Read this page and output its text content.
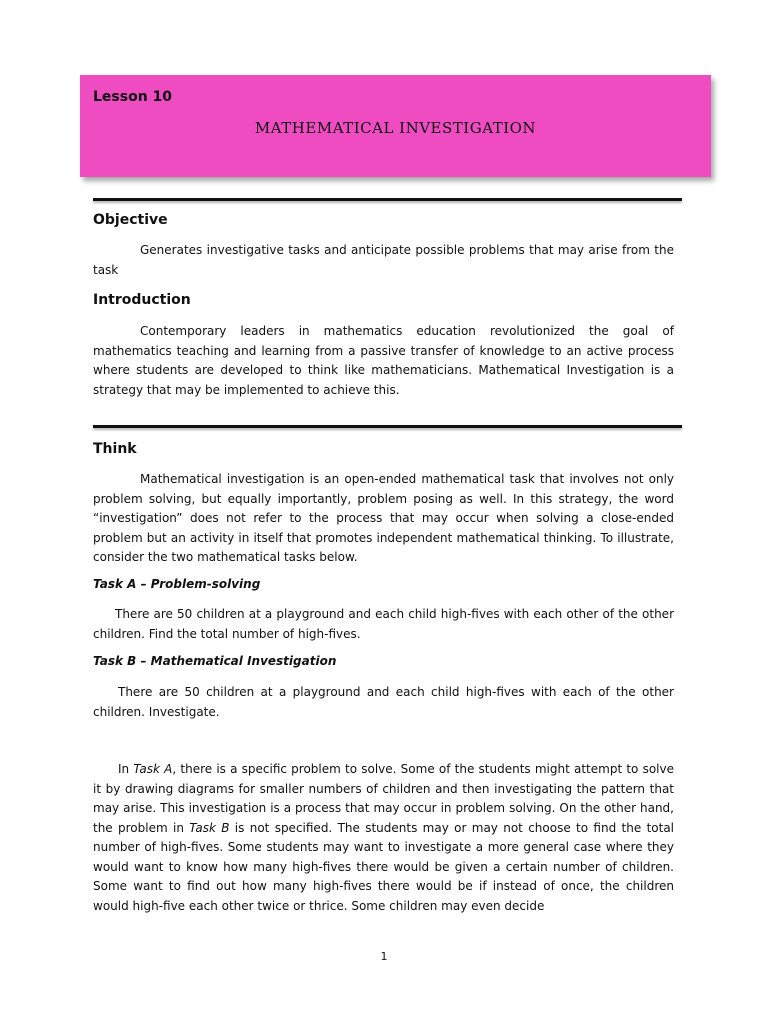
Lesson 10
MATHEMATICAL INVESTIGATION
Objective
Generates investigative tasks and anticipate possible problems that may arise from the task
Introduction
Contemporary leaders in mathematics education revolutionized the goal of mathematics teaching and learning from a passive transfer of knowledge to an active process where students are developed to think like mathematicians. Mathematical Investigation is a strategy that may be implemented to achieve this.
Think
Mathematical investigation is an open-ended mathematical task that involves not only problem solving, but equally importantly, problem posing as well. In this strategy, the word “investigation” does not refer to the process that may occur when solving a close-ended problem but an activity in itself that promotes independent mathematical thinking. To illustrate, consider the two mathematical tasks below.
Task A – Problem-solving
There are 50 children at a playground and each child high-fives with each other of the other children. Find the total number of high-fives.
Task B – Mathematical Investigation
There are 50 children at a playground and each child high-fives with each of the other children. Investigate.
In Task A, there is a specific problem to solve. Some of the students might attempt to solve it by drawing diagrams for smaller numbers of children and then investigating the pattern that may arise. This investigation is a process that may occur in problem solving. On the other hand, the problem in Task B is not specified. The students may or may not choose to find the total number of high-fives. Some students may want to investigate a more general case where they would want to know how many high-fives there would be given a certain number of children. Some want to find out how many high-fives there would be if instead of once, the children would high-five each other twice or thrice. Some children may even decide
1
